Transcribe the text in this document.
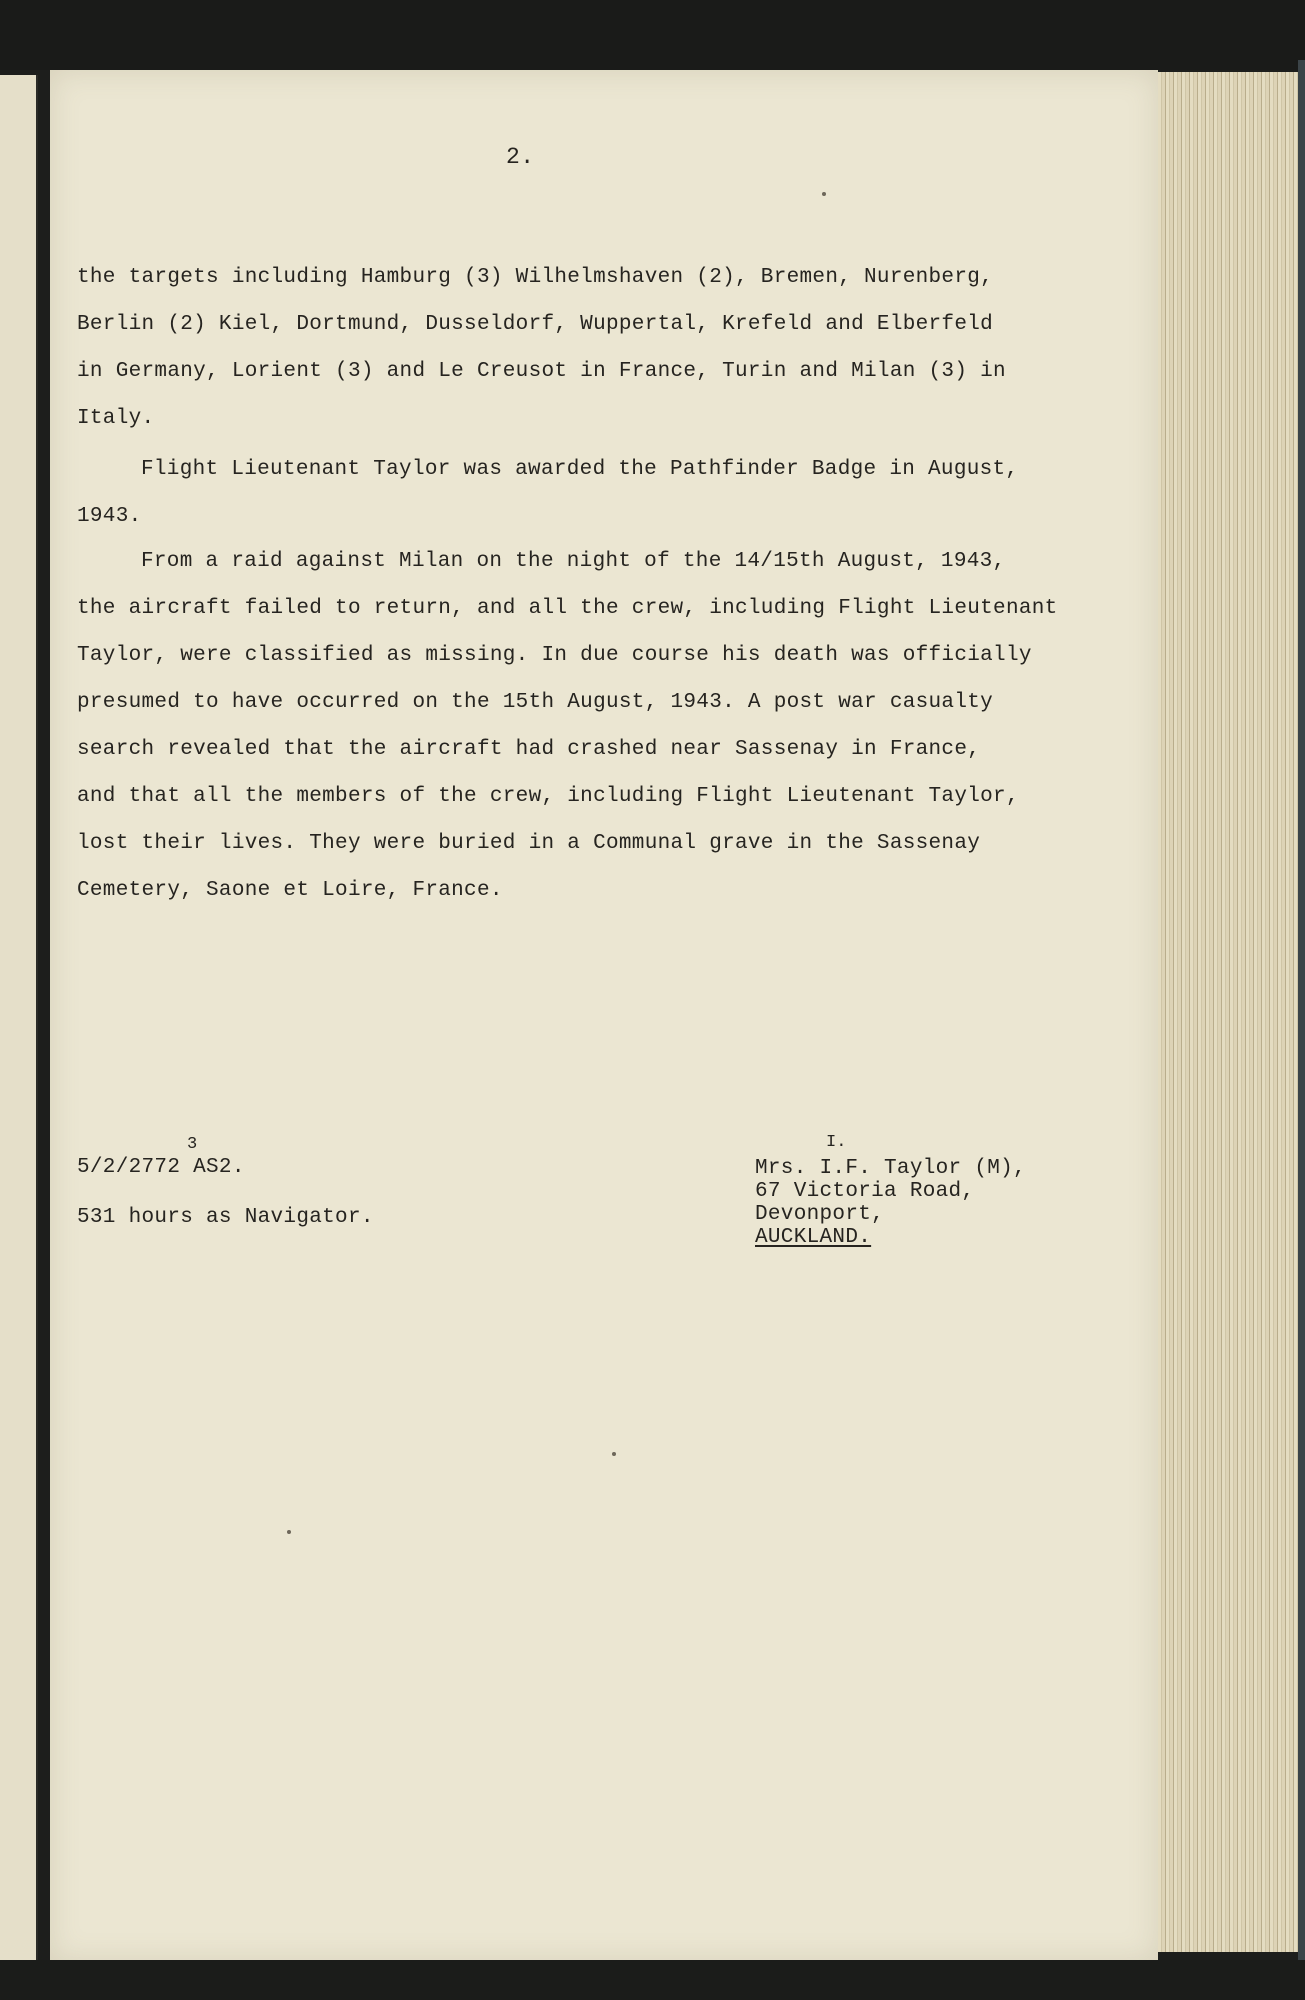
2.
the targets including Hamburg (3) Wilhelmshaven (2), Bremen, Nurenberg,
Berlin (2) Kiel, Dortmund, Dusseldorf, Wuppertal, Krefeld and Elberfeld
in Germany, Lorient (3) and Le Creusot in France, Turin and Milan (3) in
Italy.
Flight Lieutenant Taylor was awarded the Pathfinder Badge in August,
1943.
From a raid against Milan on the night of the 14/15th August, 1943,
the aircraft failed to return, and all the crew, including Flight Lieutenant
Taylor, were classified as missing. In due course his death was officially
presumed to have occurred on the 15th August, 1943. A post war casualty
search revealed that the aircraft had crashed near Sassenay in France,
and that all the members of the crew, including Flight Lieutenant Taylor,
lost their lives. They were buried in a Communal grave in the Sassenay
Cemetery, Saone et Loire, France.
3
5/2/2772 AS2.
531 hours as Navigator.
I.
Mrs. I.F. Taylor (M),
67 Victoria Road,
Devonport,
AUCKLAND.
